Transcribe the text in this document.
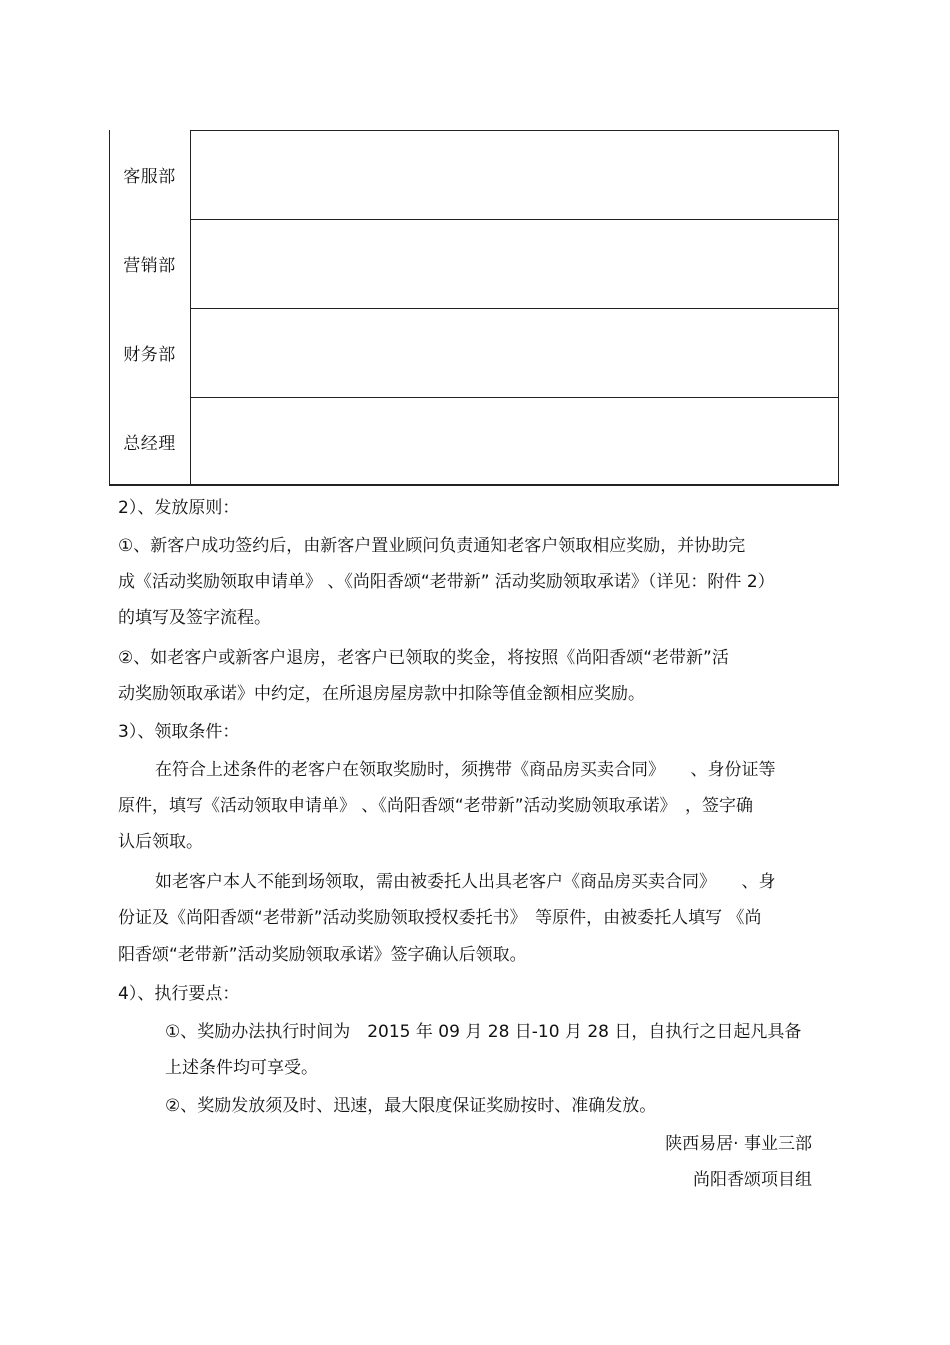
客服部
营销部
财务部
总经理
2）、发放原则：
①、新客户成功签约后，由新客户置业顾问负责通知老客户领取相应奖励，并协助完
成《活动奖励领取申请单》 、《尚阳香颂“老带新” 活动奖励领取承诺》（详见：附件 2）
的填写及签字流程。
②、如老客户或新客户退房，老客户已领取的奖金，将按照《尚阳香颂“老带新”活
动奖励领取承诺》中约定，在所退房屋房款中扣除等值金额相应奖励。
3）、领取条件：
在符合上述条件的老客户在领取奖励时，须携带《商品房买卖合同》　　、身份证等
原件，填写《活动领取申请单》 、《尚阳香颂“老带新”活动奖励领取承诺》　，签字确
认后领取。
如老客户本人不能到场领取，需由被委托人出具老客户《商品房买卖合同》　　、身
份证及《尚阳香颂“老带新”活动奖励领取授权委托书》　等原件，由被委托人填写 《尚
阳香颂“老带新”活动奖励领取承诺》签字确认后领取。
4）、执行要点：
①、奖励办法执行时间为　2015 年 09 月 28 日-10 月 28 日，自执行之日起凡具备
上述条件均可享受。
②、奖励发放须及时、迅速，最大限度保证奖励按时、准确发放。
陕西易居· 事业三部
尚阳香颂项目组
